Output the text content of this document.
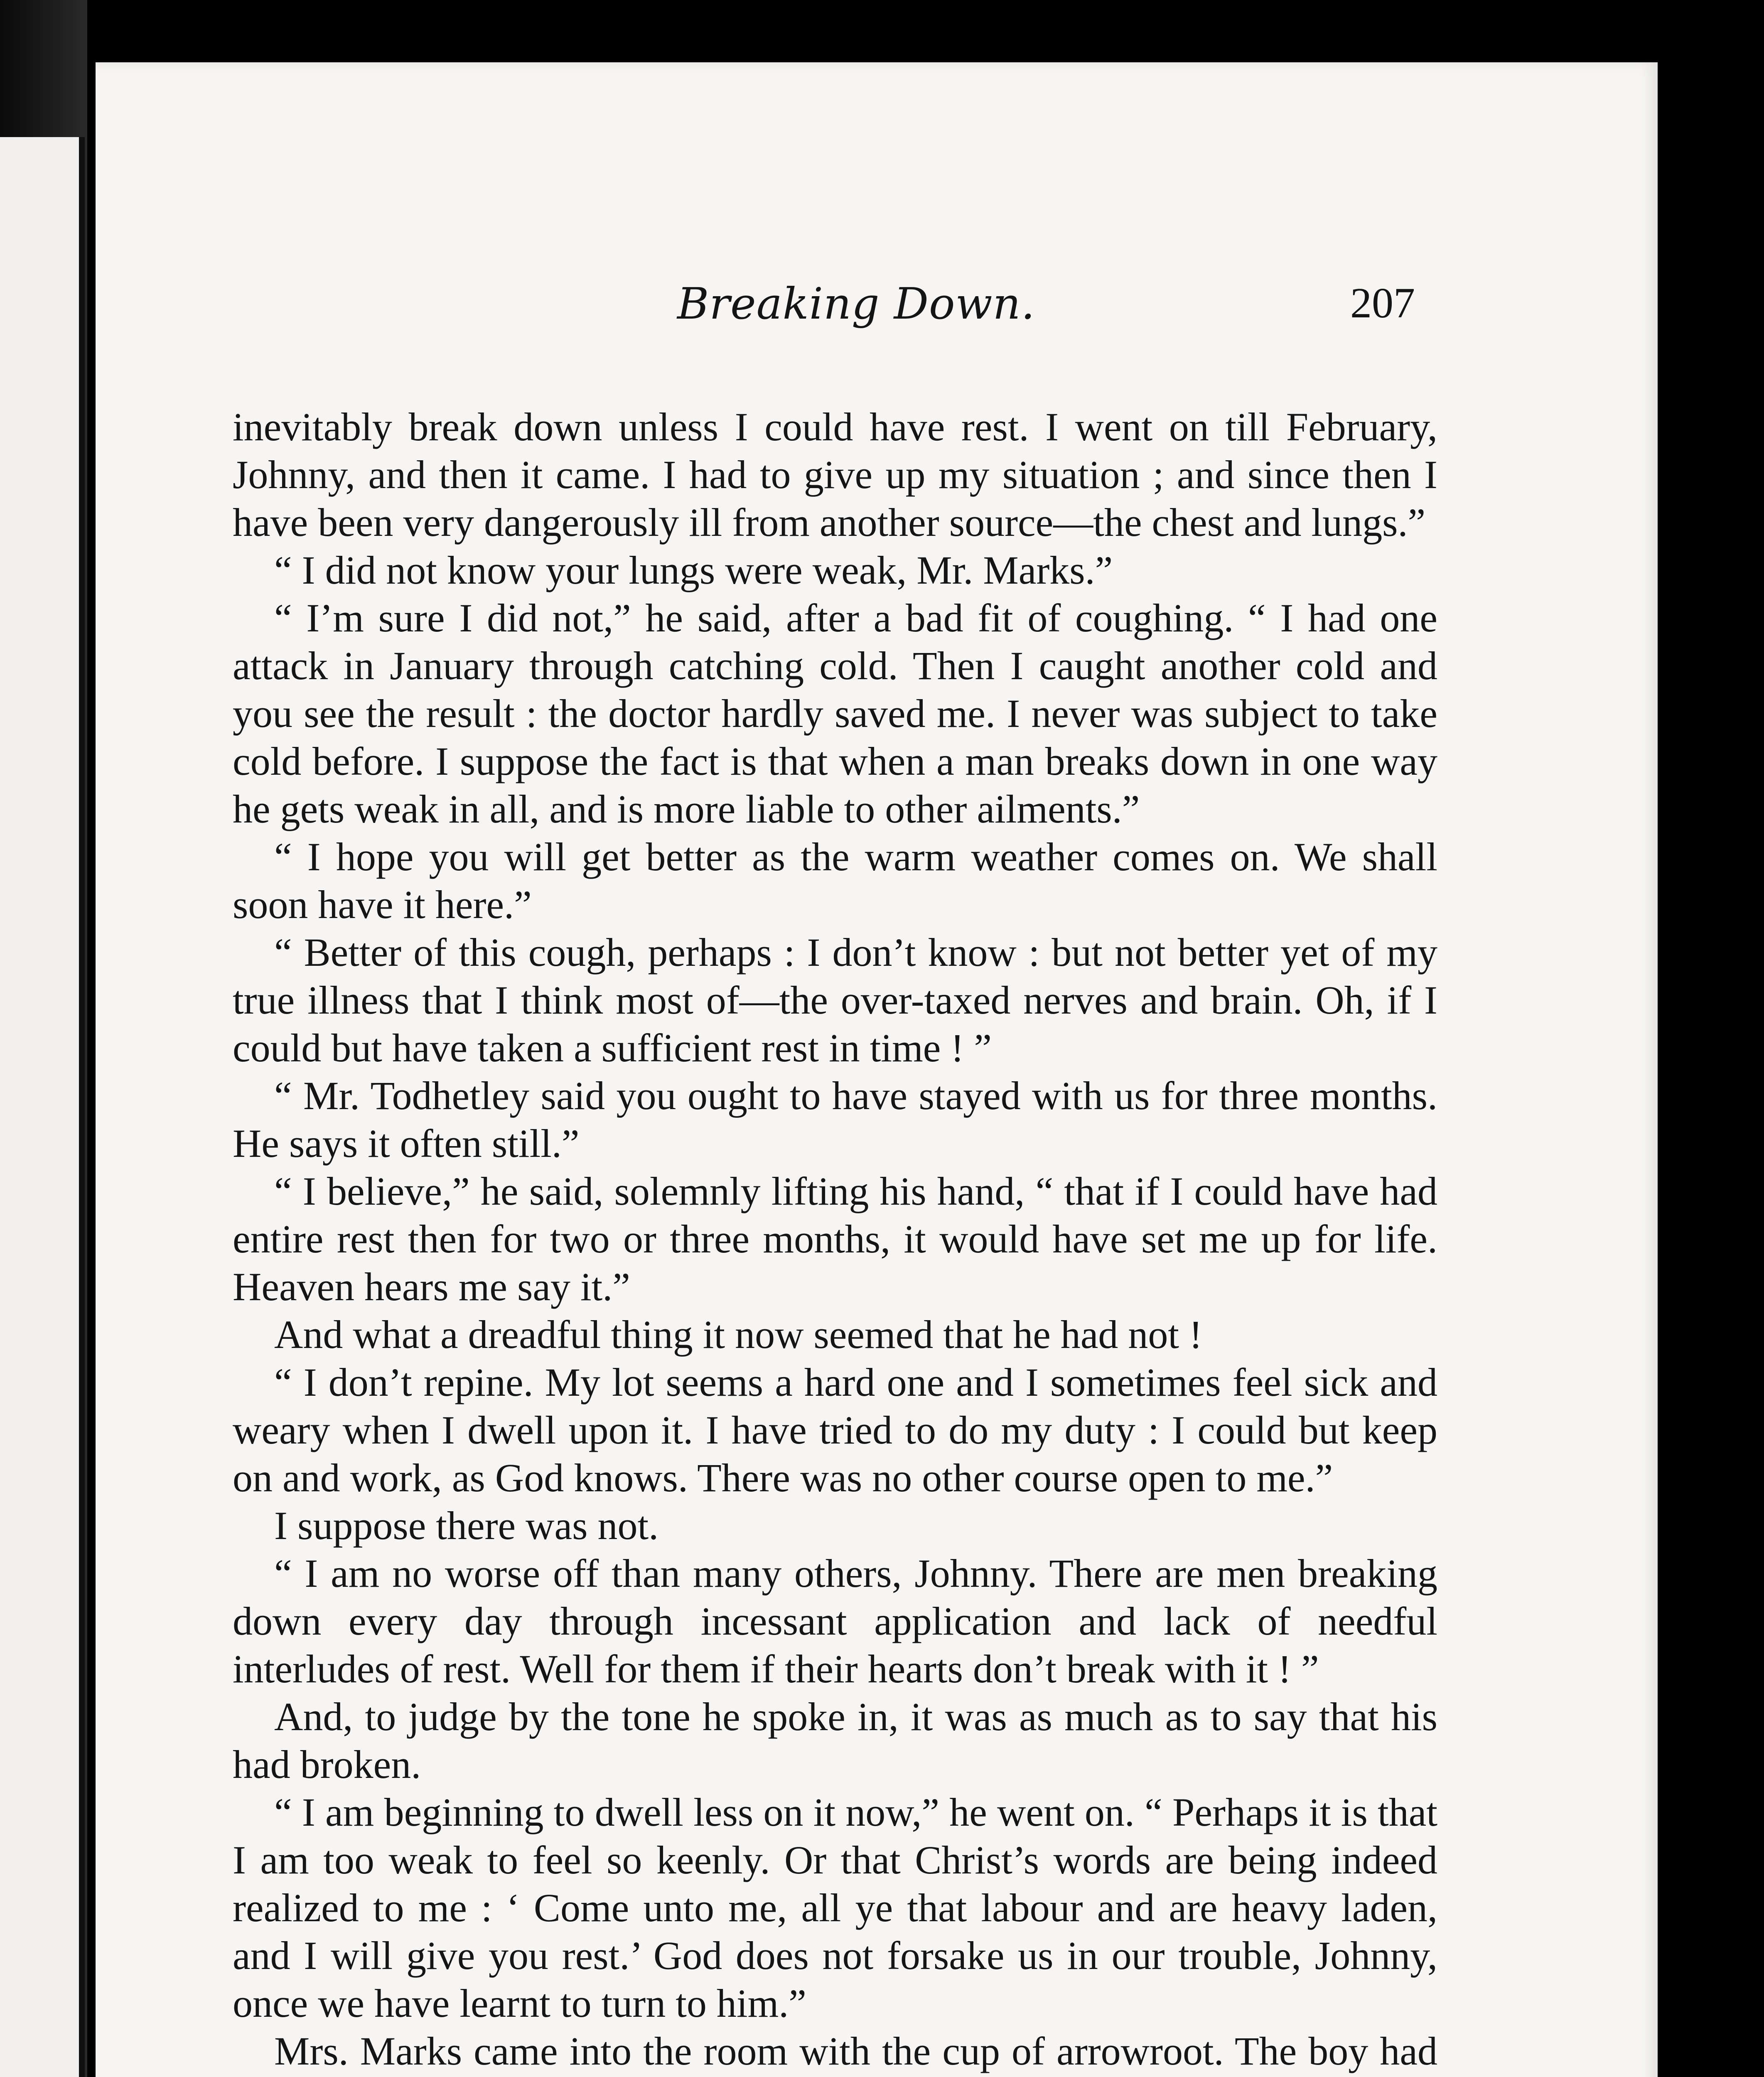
Breaking Down.	207

inevitably break down unless I could have rest. I went on till February, Johnny, and then it came. I had to give up my situation ; and since then I have been very dangerously ill from another source—the chest and lungs.”

“ I did not know your lungs were weak, Mr. Marks.”

“ I’m sure I did not,” he said, after a bad fit of coughing. “ I had one attack in January through catching cold. Then I caught another cold and you see the result : the doctor hardly saved me. I never was subject to take cold before. I suppose the fact is that when a man breaks down in one way he gets weak in all, and is more liable to other ailments.”

“ I hope you will get better as the warm weather comes on. We shall soon have it here.”

“ Better of this cough, perhaps : I don’t know : but not better yet of my true illness that I think most of—the over-taxed nerves and brain. Oh, if I could but have taken a sufficient rest in time ! ”

“ Mr. Todhetley said you ought to have stayed with us for three months. He says it often still.”

“ I believe,” he said, solemnly lifting his hand, “ that if I could have had entire rest then for two or three months, it would have set me up for life. Heaven hears me say it.”

And what a dreadful thing it now seemed that he had not !

“ I don’t repine. My lot seems a hard one and I sometimes feel sick and weary when I dwell upon it. I have tried to do my duty : I could but keep on and work, as God knows. There was no other course open to me.”

I suppose there was not.

“ I am no worse off than many others, Johnny. There are men breaking down every day through incessant application and lack of needful interludes of rest. Well for them if their hearts don’t break with it ! ”

And, to judge by the tone he spoke in, it was as much as to say that his had broken.

“ I am beginning to dwell less on it now,” he went on. “ Perhaps it is that I am too weak to feel so keenly. Or that Christ’s words are being indeed realized to me : ‘ Come unto me, all ye that labour and are heavy laden, and I will give you rest.’ God does not forsake us in our trouble, Johnny, once we have learnt to turn to him.”

Mrs. Marks came into the room with the cup of arrowroot. The boy had
